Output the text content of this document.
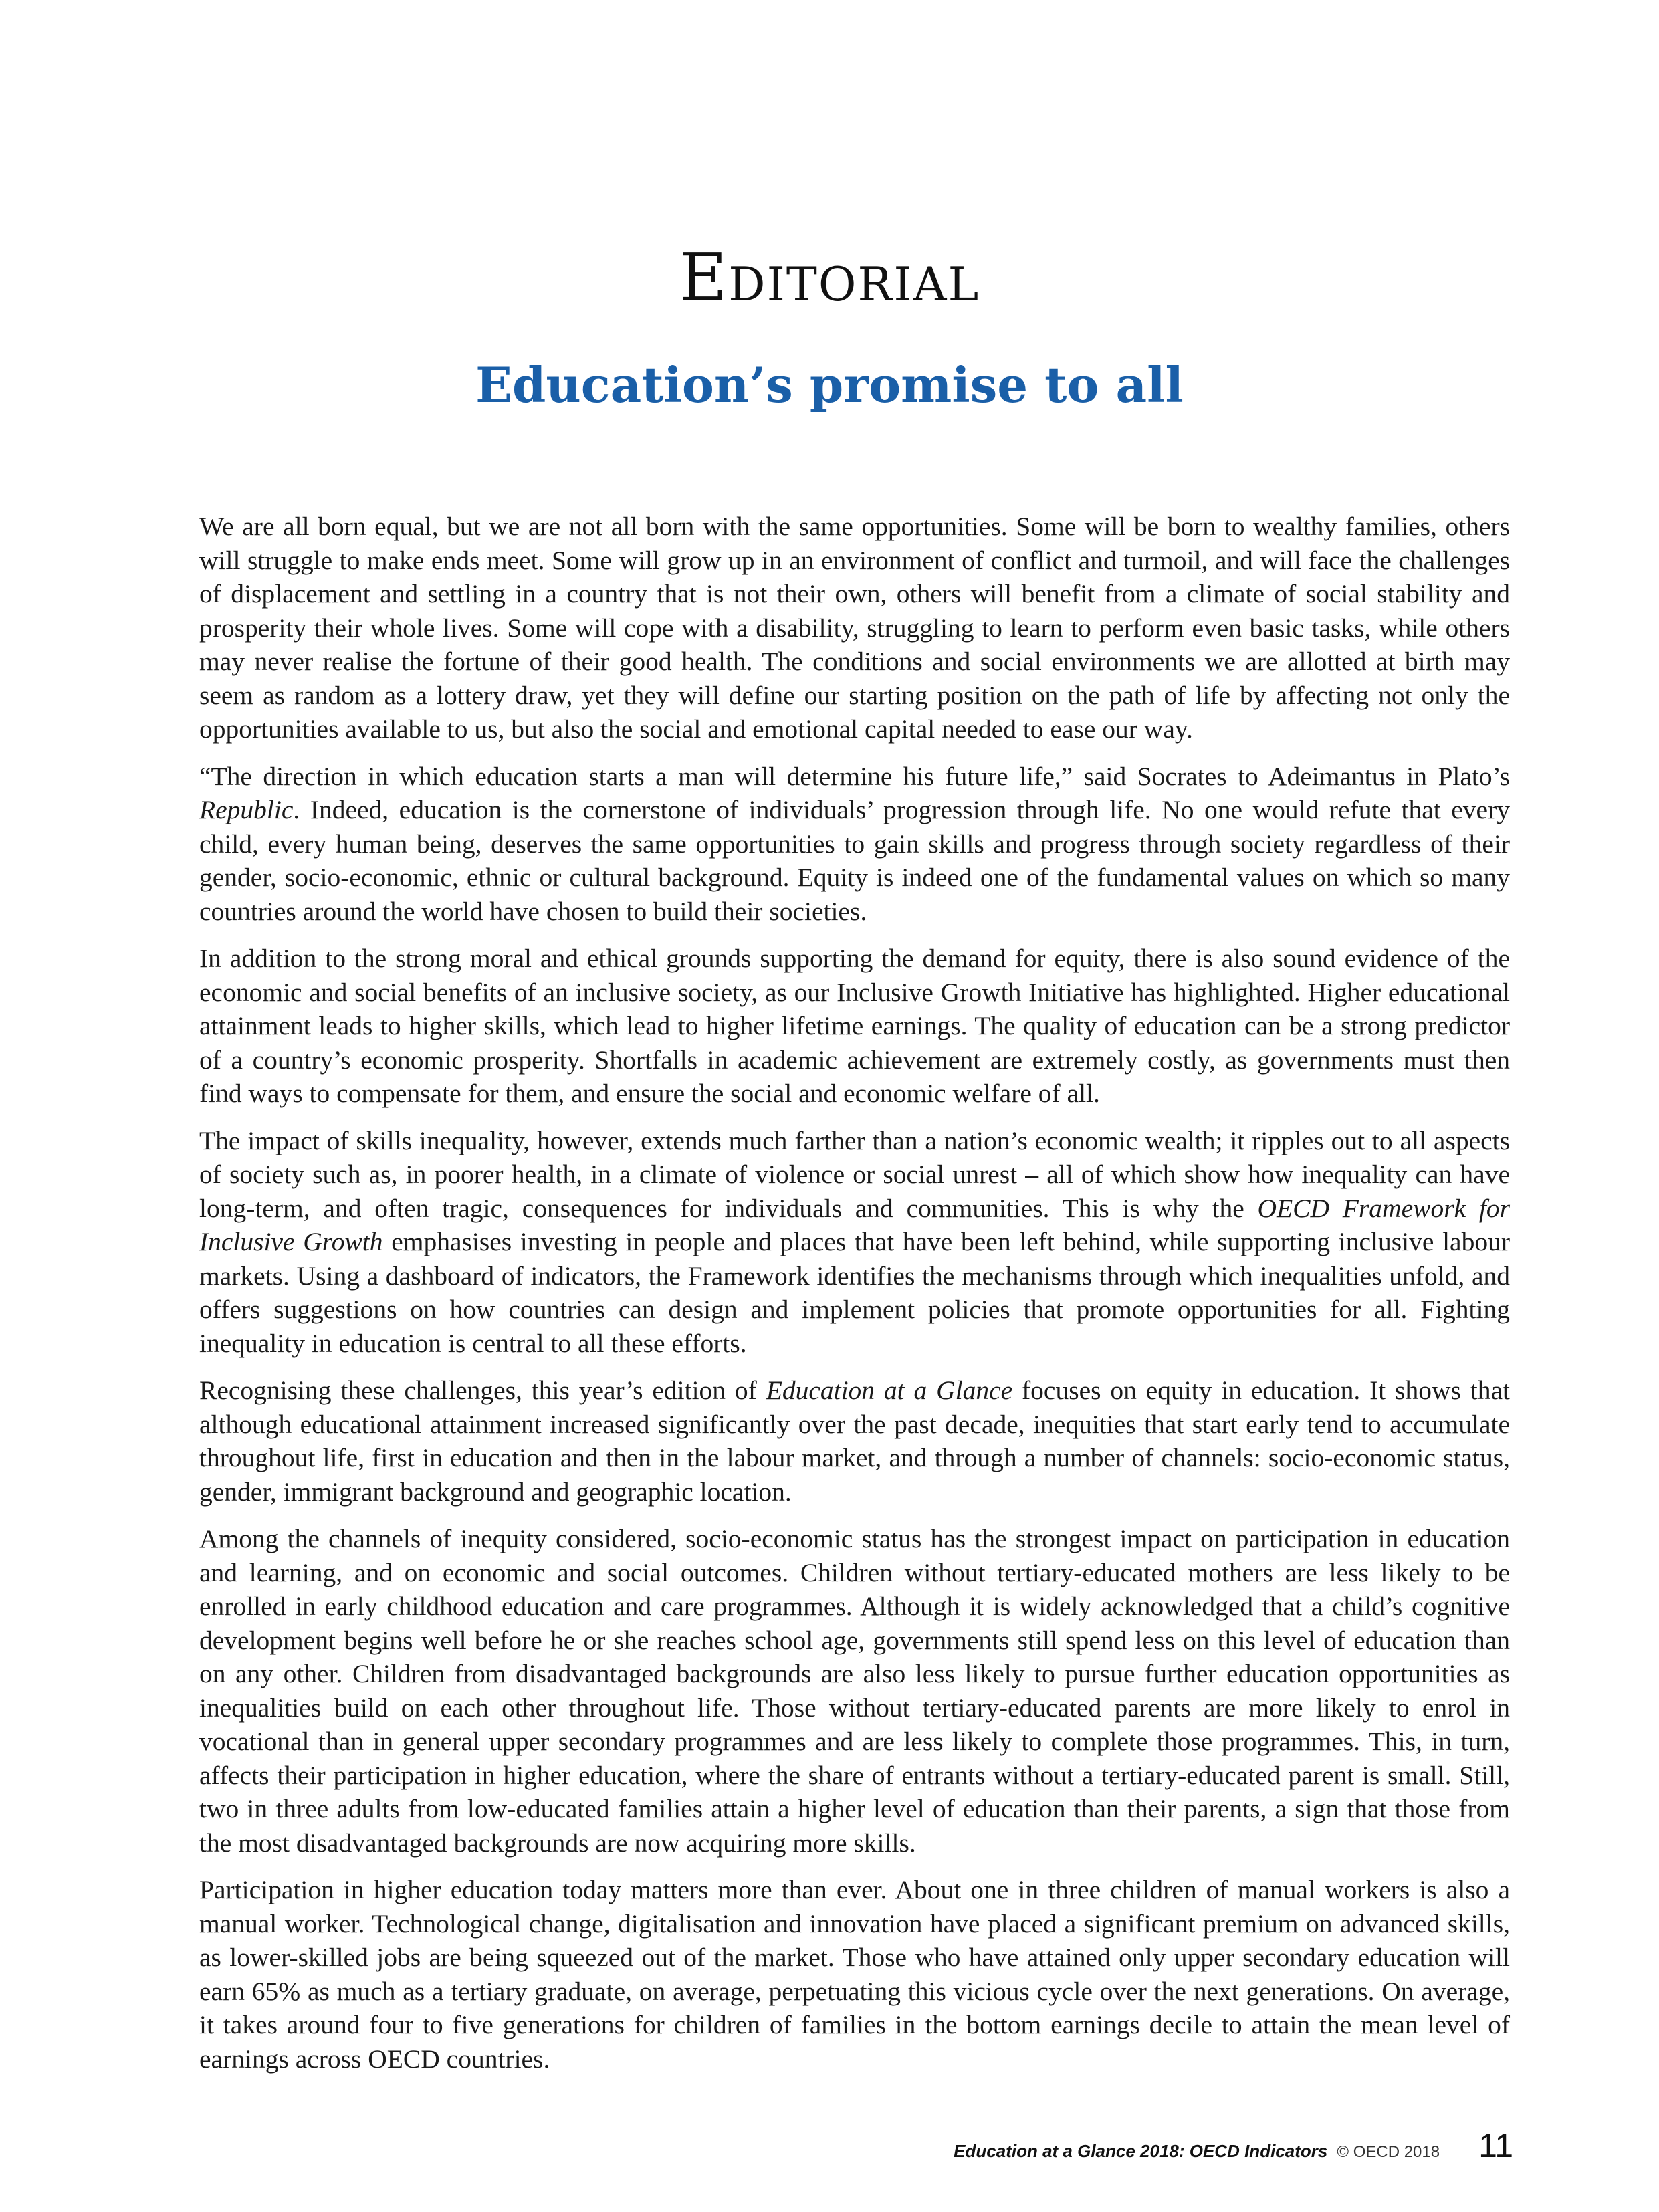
Editorial
Education’s promise to all

We are all born equal, but we are not all born with the same opportunities. Some will be born to wealthy families, others will struggle to make ends meet. Some will grow up in an environment of conflict and turmoil, and will face the challenges of displacement and settling in a country that is not their own, others will benefit from a climate of social stability and prosperity their whole lives. Some will cope with a disability, struggling to learn to perform even basic tasks, while others may never realise the fortune of their good health. The conditions and social environments we are allotted at birth may seem as random as a lottery draw, yet they will define our starting position on the path of life by affecting not only the opportunities available to us, but also the social and emotional capital needed to ease our way.

“The direction in which education starts a man will determine his future life,” said Socrates to Adeimantus in Plato’s Republic. Indeed, education is the cornerstone of individuals’ progression through life. No one would refute that every child, every human being, deserves the same opportunities to gain skills and progress through society regardless of their gender, socio-economic, ethnic or cultural background. Equity is indeed one of the fundamental values on which so many countries around the world have chosen to build their societies.

In addition to the strong moral and ethical grounds supporting the demand for equity, there is also sound evidence of the economic and social benefits of an inclusive society, as our Inclusive Growth Initiative has highlighted. Higher educational attainment leads to higher skills, which lead to higher lifetime earnings. The quality of education can be a strong predictor of a country’s economic prosperity. Shortfalls in academic achievement are extremely costly, as governments must then find ways to compensate for them, and ensure the social and economic welfare of all.

The impact of skills inequality, however, extends much farther than a nation’s economic wealth; it ripples out to all aspects of society such as, in poorer health, in a climate of violence or social unrest – all of which show how inequality can have long-term, and often tragic, consequences for individuals and communities. This is why the OECD Framework for Inclusive Growth emphasises investing in people and places that have been left behind, while supporting inclusive labour markets. Using a dashboard of indicators, the Framework identifies the mechanisms through which inequalities unfold, and offers suggestions on how countries can design and implement policies that promote opportunities for all. Fighting inequality in education is central to all these efforts.

Recognising these challenges, this year’s edition of Education at a Glance focuses on equity in education. It shows that although educational attainment increased significantly over the past decade, inequities that start early tend to accumulate throughout life, first in education and then in the labour market, and through a number of channels: socio-economic status, gender, immigrant background and geographic location.

Among the channels of inequity considered, socio-economic status has the strongest impact on participation in education and learning, and on economic and social outcomes. Children without tertiary-educated mothers are less likely to be enrolled in early childhood education and care programmes. Although it is widely acknowledged that a child’s cognitive development begins well before he or she reaches school age, governments still spend less on this level of education than on any other. Children from disadvantaged backgrounds are also less likely to pursue further education opportunities as inequalities build on each other throughout life. Those without tertiary-educated parents are more likely to enrol in vocational than in general upper secondary programmes and are less likely to complete those programmes. This, in turn, affects their participation in higher education, where the share of entrants without a tertiary-educated parent is small. Still, two in three adults from low-educated families attain a higher level of education than their parents, a sign that those from the most disadvantaged backgrounds are now acquiring more skills.

Participation in higher education today matters more than ever. About one in three children of manual workers is also a manual worker. Technological change, digitalisation and innovation have placed a significant premium on advanced skills, as lower-skilled jobs are being squeezed out of the market. Those who have attained only upper secondary education will earn 65% as much as a tertiary graduate, on average, perpetuating this vicious cycle over the next generations. On average, it takes around four to five generations for children of families in the bottom earnings decile to attain the mean level of earnings across OECD countries.

Education at a Glance 2018: OECD Indicators © OECD 2018 11
